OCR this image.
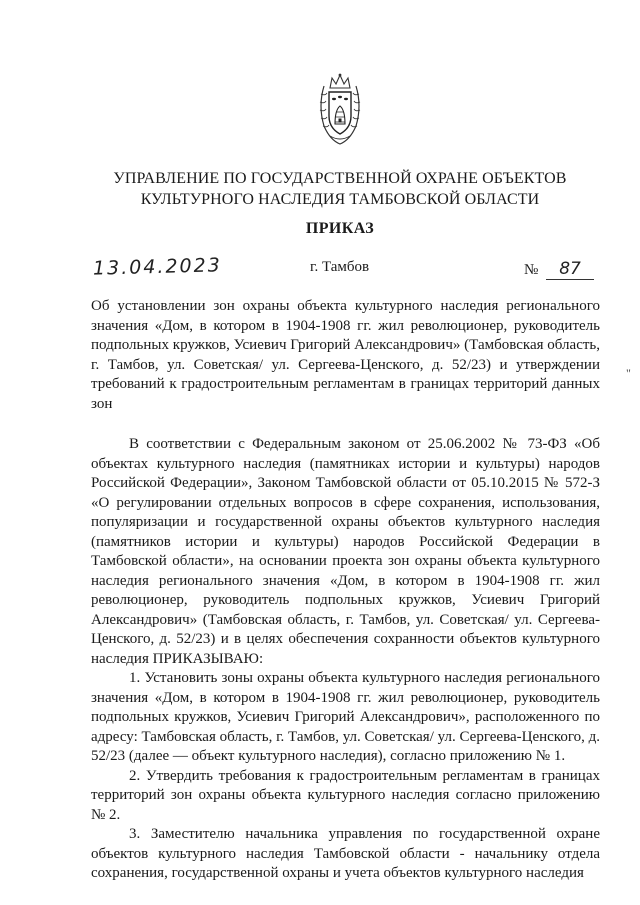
УПРАВЛЕНИЕ ПО ГОСУДАРСТВЕННОЙ ОХРАНЕ ОБЪЕКТОВ
КУЛЬТУРНОГО НАСЛЕДИЯ ТАМБОВСКОЙ ОБЛАСТИ
ПРИКАЗ
13.04.2023	г. Тамбов	№ 87
Об установлении зон охраны объекта культурного наследия регионального значения «Дом, в котором в 1904-1908 гг. жил революционер, руководитель подпольных кружков, Усиевич Григорий Александрович» (Тамбовская область, г. Тамбов, ул. Советская/ ул. Сергеева-Ценского, д. 52/23) и утверждении требований к градостроительным регламентам в границах территорий данных зон

В соответствии с Федеральным законом от 25.06.2002 № 73-ФЗ «Об объектах культурного наследия (памятниках истории и культуры) народов Российской Федерации», Законом Тамбовской области от 05.10.2015 № 572-З «О регулировании отдельных вопросов в сфере сохранения, использования, популяризации и государственной охраны объектов культурного наследия (памятников истории и культуры) народов Российской Федерации в Тамбовской области», на основании проекта зон охраны объекта культурного наследия регионального значения «Дом, в котором в 1904-1908 гг. жил революционер, руководитель подпольных кружков, Усиевич Григорий Александрович» (Тамбовская область, г. Тамбов, ул. Советская/ ул. Сергеева-Ценского, д. 52/23) и в целях обеспечения сохранности объектов культурного наследия ПРИКАЗЫВАЮ:

1. Установить зоны охраны объекта культурного наследия регионального значения «Дом, в котором в 1904-1908 гг. жил революционер, руководитель подпольных кружков, Усиевич Григорий Александрович», расположенного по адресу: Тамбовская область, г. Тамбов, ул. Советская/ ул. Сергеева-Ценского, д. 52/23 (далее — объект культурного наследия), согласно приложению № 1.

2. Утвердить требования к градостроительным регламентам в границах территорий зон охраны объекта культурного наследия согласно приложению № 2.

3. Заместителю начальника управления по государственной охране объектов культурного наследия Тамбовской области - начальнику отдела сохранения, государственной охраны и учета объектов культурного наследия

"
